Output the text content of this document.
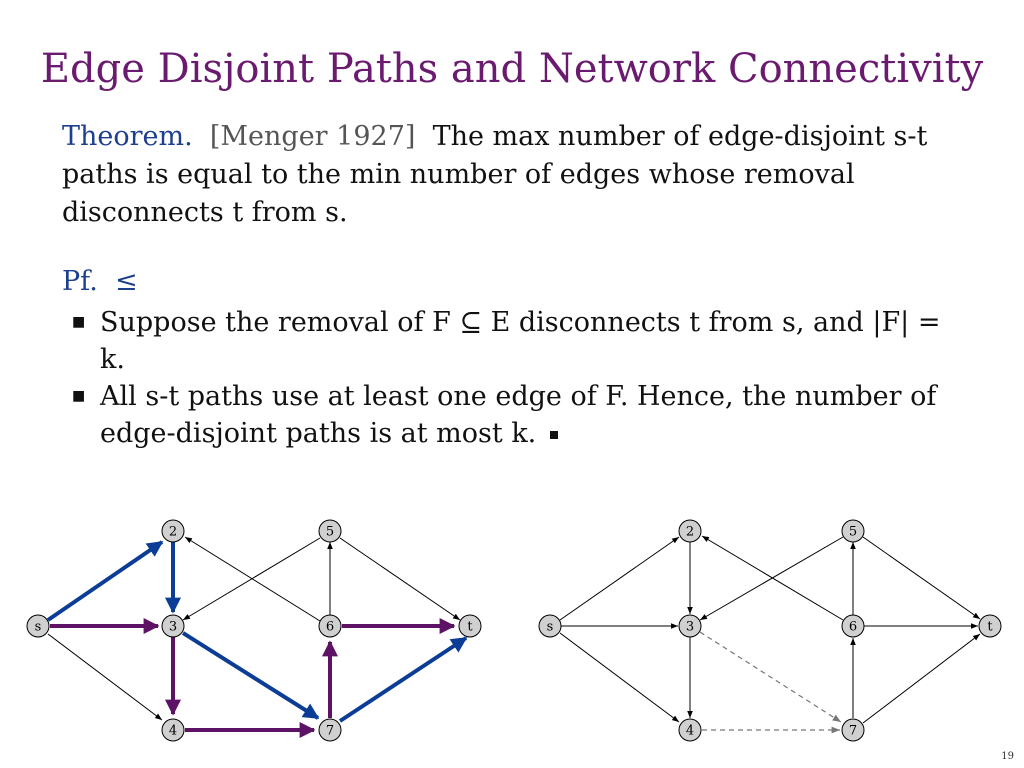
Edge Disjoint Paths and Network Connectivity
Theorem. [Menger 1927] The max number of edge-disjoint s-t
paths is equal to the min number of edges whose removal
disconnects t from s.
Pf. ≤

■ Suppose the removal of F ⊆ E disconnects t from s, and |F| = k.

■ All s-t paths use at least one edge of F. Hence, the number of edge-disjoint paths is at most k.

s
2
3
4
5
6
7
t	s
2
3
4
5
6
7
t
19
